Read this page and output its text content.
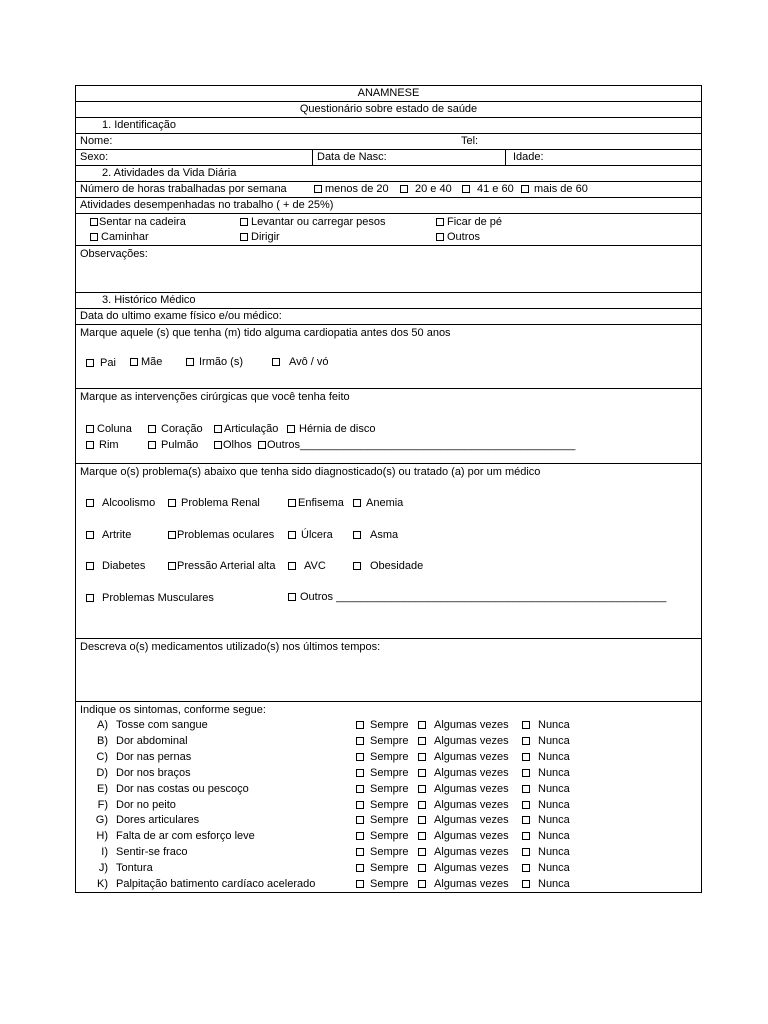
ANAMNESE
Questionário sobre estado de saúde
1. Identificação
Nome:	Tel:
Sexo:	Data de Nasc:	Idade:
2. Atividades da Vida Diária
Número de horas trabalhadas por semana	menos de 20	20 e 40	41 e 60	mais de 60
Atividades desempenhadas no trabalho ( + de 25%)
Sentar na cadeira	Levantar ou carregar pesos	Ficar de pé
Caminhar	Dirigir	Outros
Observações:
3. Histórico Médico
Data do ultimo exame físico e/ou médico:
Marque aquele (s) que tenha (m) tido alguma cardiopatia antes dos 50 anos
Pai	Mãe	Irmão (s)	Avô / vó
Marque as intervenções cirúrgicas que você tenha feito
Coluna	Coração	Articulação	Hérnia de disco
Rim	Pulmão	Olhos	Outros_____________________________________________
Marque o(s) problema(s) abaixo que tenha sido diagnosticado(s) ou tratado (a) por um médico
Alcoolismo	Problema Renal	Enfisema	Anemia
Artrite	Problemas oculares	Úlcera	Asma
Diabetes	Pressão Arterial alta	AVC	Obesidade
Problemas Musculares	Outros ______________________________________________________
Descreva o(s) medicamentos utilizado(s) nos últimos tempos:
Indique os sintomas, conforme segue:
A) Tosse com sangue	Sempre	Algumas vezes	Nunca
B) Dor abdominal	Sempre	Algumas vezes	Nunca
C) Dor nas pernas	Sempre	Algumas vezes	Nunca
D) Dor nos braços	Sempre	Algumas vezes	Nunca
E) Dor nas costas ou pescoço	Sempre	Algumas vezes	Nunca
F) Dor no peito	Sempre	Algumas vezes	Nunca
G) Dores articulares	Sempre	Algumas vezes	Nunca
H) Falta de ar com esforço leve	Sempre	Algumas vezes	Nunca
I) Sentir-se fraco	Sempre	Algumas vezes	Nunca
J) Tontura	Sempre	Algumas vezes	Nunca
K) Palpitação batimento cardíaco acelerado	Sempre	Algumas vezes	Nunca
